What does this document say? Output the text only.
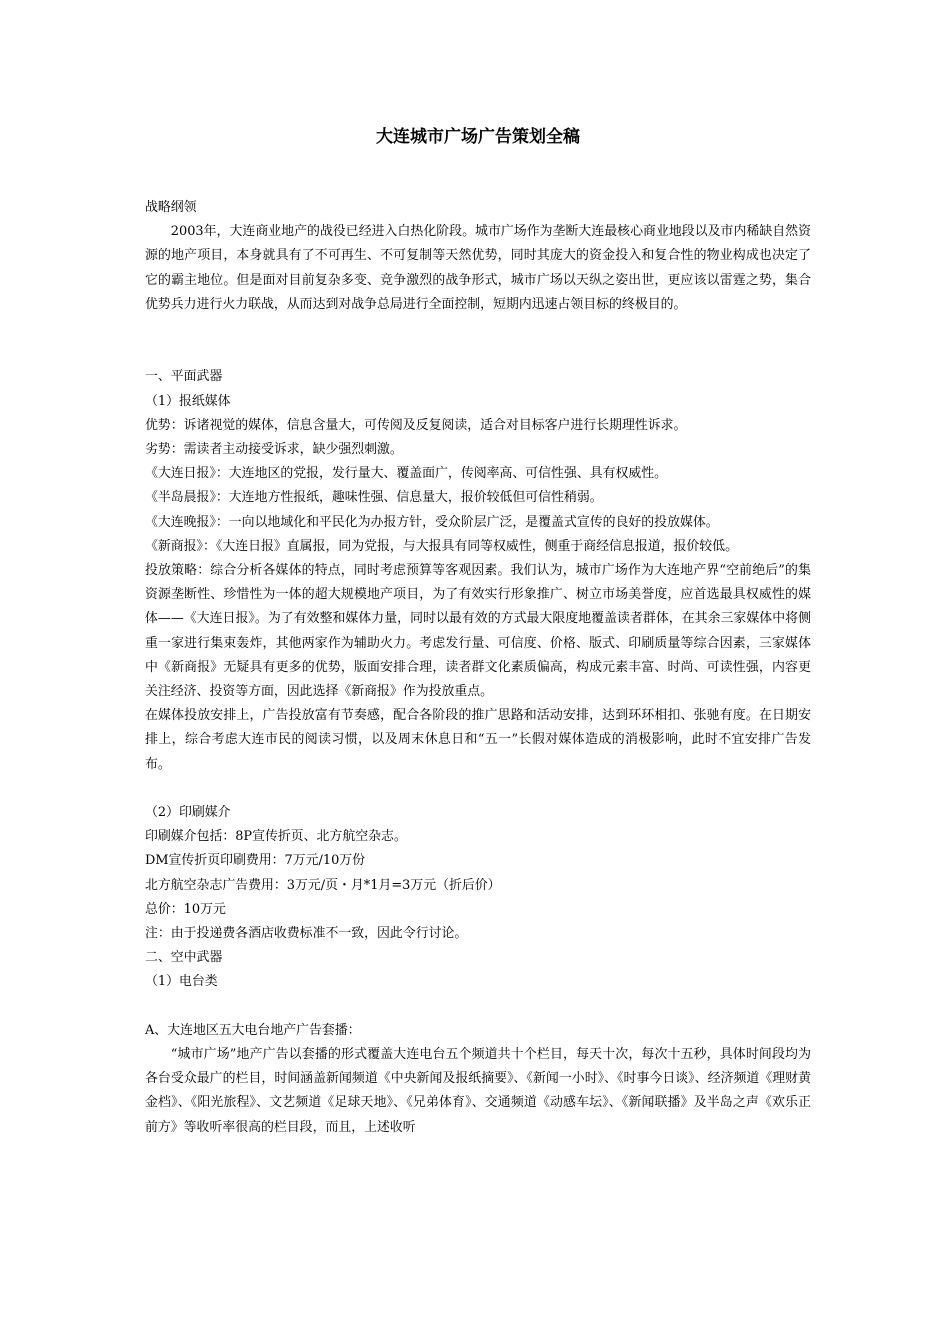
大连城市广场广告策划全稿

战略纲领

2003年，大连商业地产的战役已经进入白热化阶段。城市广场作为垄断大连最核心商业地段以及市内稀缺自然资源的地产项目，本身就具有了不可再生、不可复制等天然优势，同时其庞大的资金投入和复合性的物业构成也决定了它的霸主地位。但是面对目前复杂多变、竞争激烈的战争形式，城市广场以天纵之姿出世，更应该以雷霆之势，集合优势兵力进行火力联战，从而达到对战争总局进行全面控制，短期内迅速占领目标的终极目的。

一、平面武器

（1）报纸媒体

优势：诉诸视觉的媒体，信息含量大，可传阅及反复阅读，适合对目标客户进行长期理性诉求。

劣势：需读者主动接受诉求，缺少强烈刺激。

《大连日报》：大连地区的党报，发行量大、覆盖面广，传阅率高、可信性强、具有权威性。

《半岛晨报》：大连地方性报纸，趣味性强、信息量大，报价较低但可信性稍弱。

《大连晚报》：一向以地域化和平民化为办报方针，受众阶层广泛，是覆盖式宣传的良好的投放媒体。

《新商报》：《大连日报》直属报，同为党报，与大报具有同等权威性，侧重于商经信息报道，报价较低。

投放策略：综合分析各媒体的特点，同时考虑预算等客观因素。我们认为，城市广场作为大连地产界“空前绝后”的集资源垄断性、珍惜性为一体的超大规模地产项目，为了有效实行形象推广、树立市场美誉度，应首选最具权威性的媒体——《大连日报》。为了有效整和媒体力量，同时以最有效的方式最大限度地覆盖读者群体，在其余三家媒体中将侧重一家进行集束轰炸，其他两家作为辅助火力。考虑发行量、可信度、价格、版式、印刷质量等综合因素，三家媒体中《新商报》无疑具有更多的优势，版面安排合理，读者群文化素质偏高，构成元素丰富、时尚、可读性强，内容更关注经济、投资等方面，因此选择《新商报》作为投放重点。

在媒体投放安排上，广告投放富有节奏感，配合各阶段的推广思路和活动安排，达到环环相扣、张驰有度。在日期安排上，综合考虑大连市民的阅读习惯，以及周末休息日和“五一”长假对媒体造成的消极影响，此时不宜安排广告发布。

（2）印刷媒介

印刷媒介包括：8P宣传折页、北方航空杂志。

DM宣传折页印刷费用：7万元/10万份

北方航空杂志广告费用：3万元/页・月*1月=3万元（折后价）

总价：10万元

注：由于投递费各酒店收费标准不一致，因此令行讨论。

二、空中武器

（1）电台类

A、大连地区五大电台地产广告套播：

“城市广场”地产广告以套播的形式覆盖大连电台五个频道共十个栏目，每天十次，每次十五秒，具体时间段均为各台受众最广的栏目，时间涵盖新闻频道《中央新闻及报纸摘要》、《新闻一小时》、《时事今日谈》、经济频道《理财黄金档》、《阳光旅程》、文艺频道《足球天地》、《兄弟体育》、交通频道《动感车坛》、《新闻联播》及半岛之声《欢乐正前方》等收听率很高的栏目段，而且，上述收听
